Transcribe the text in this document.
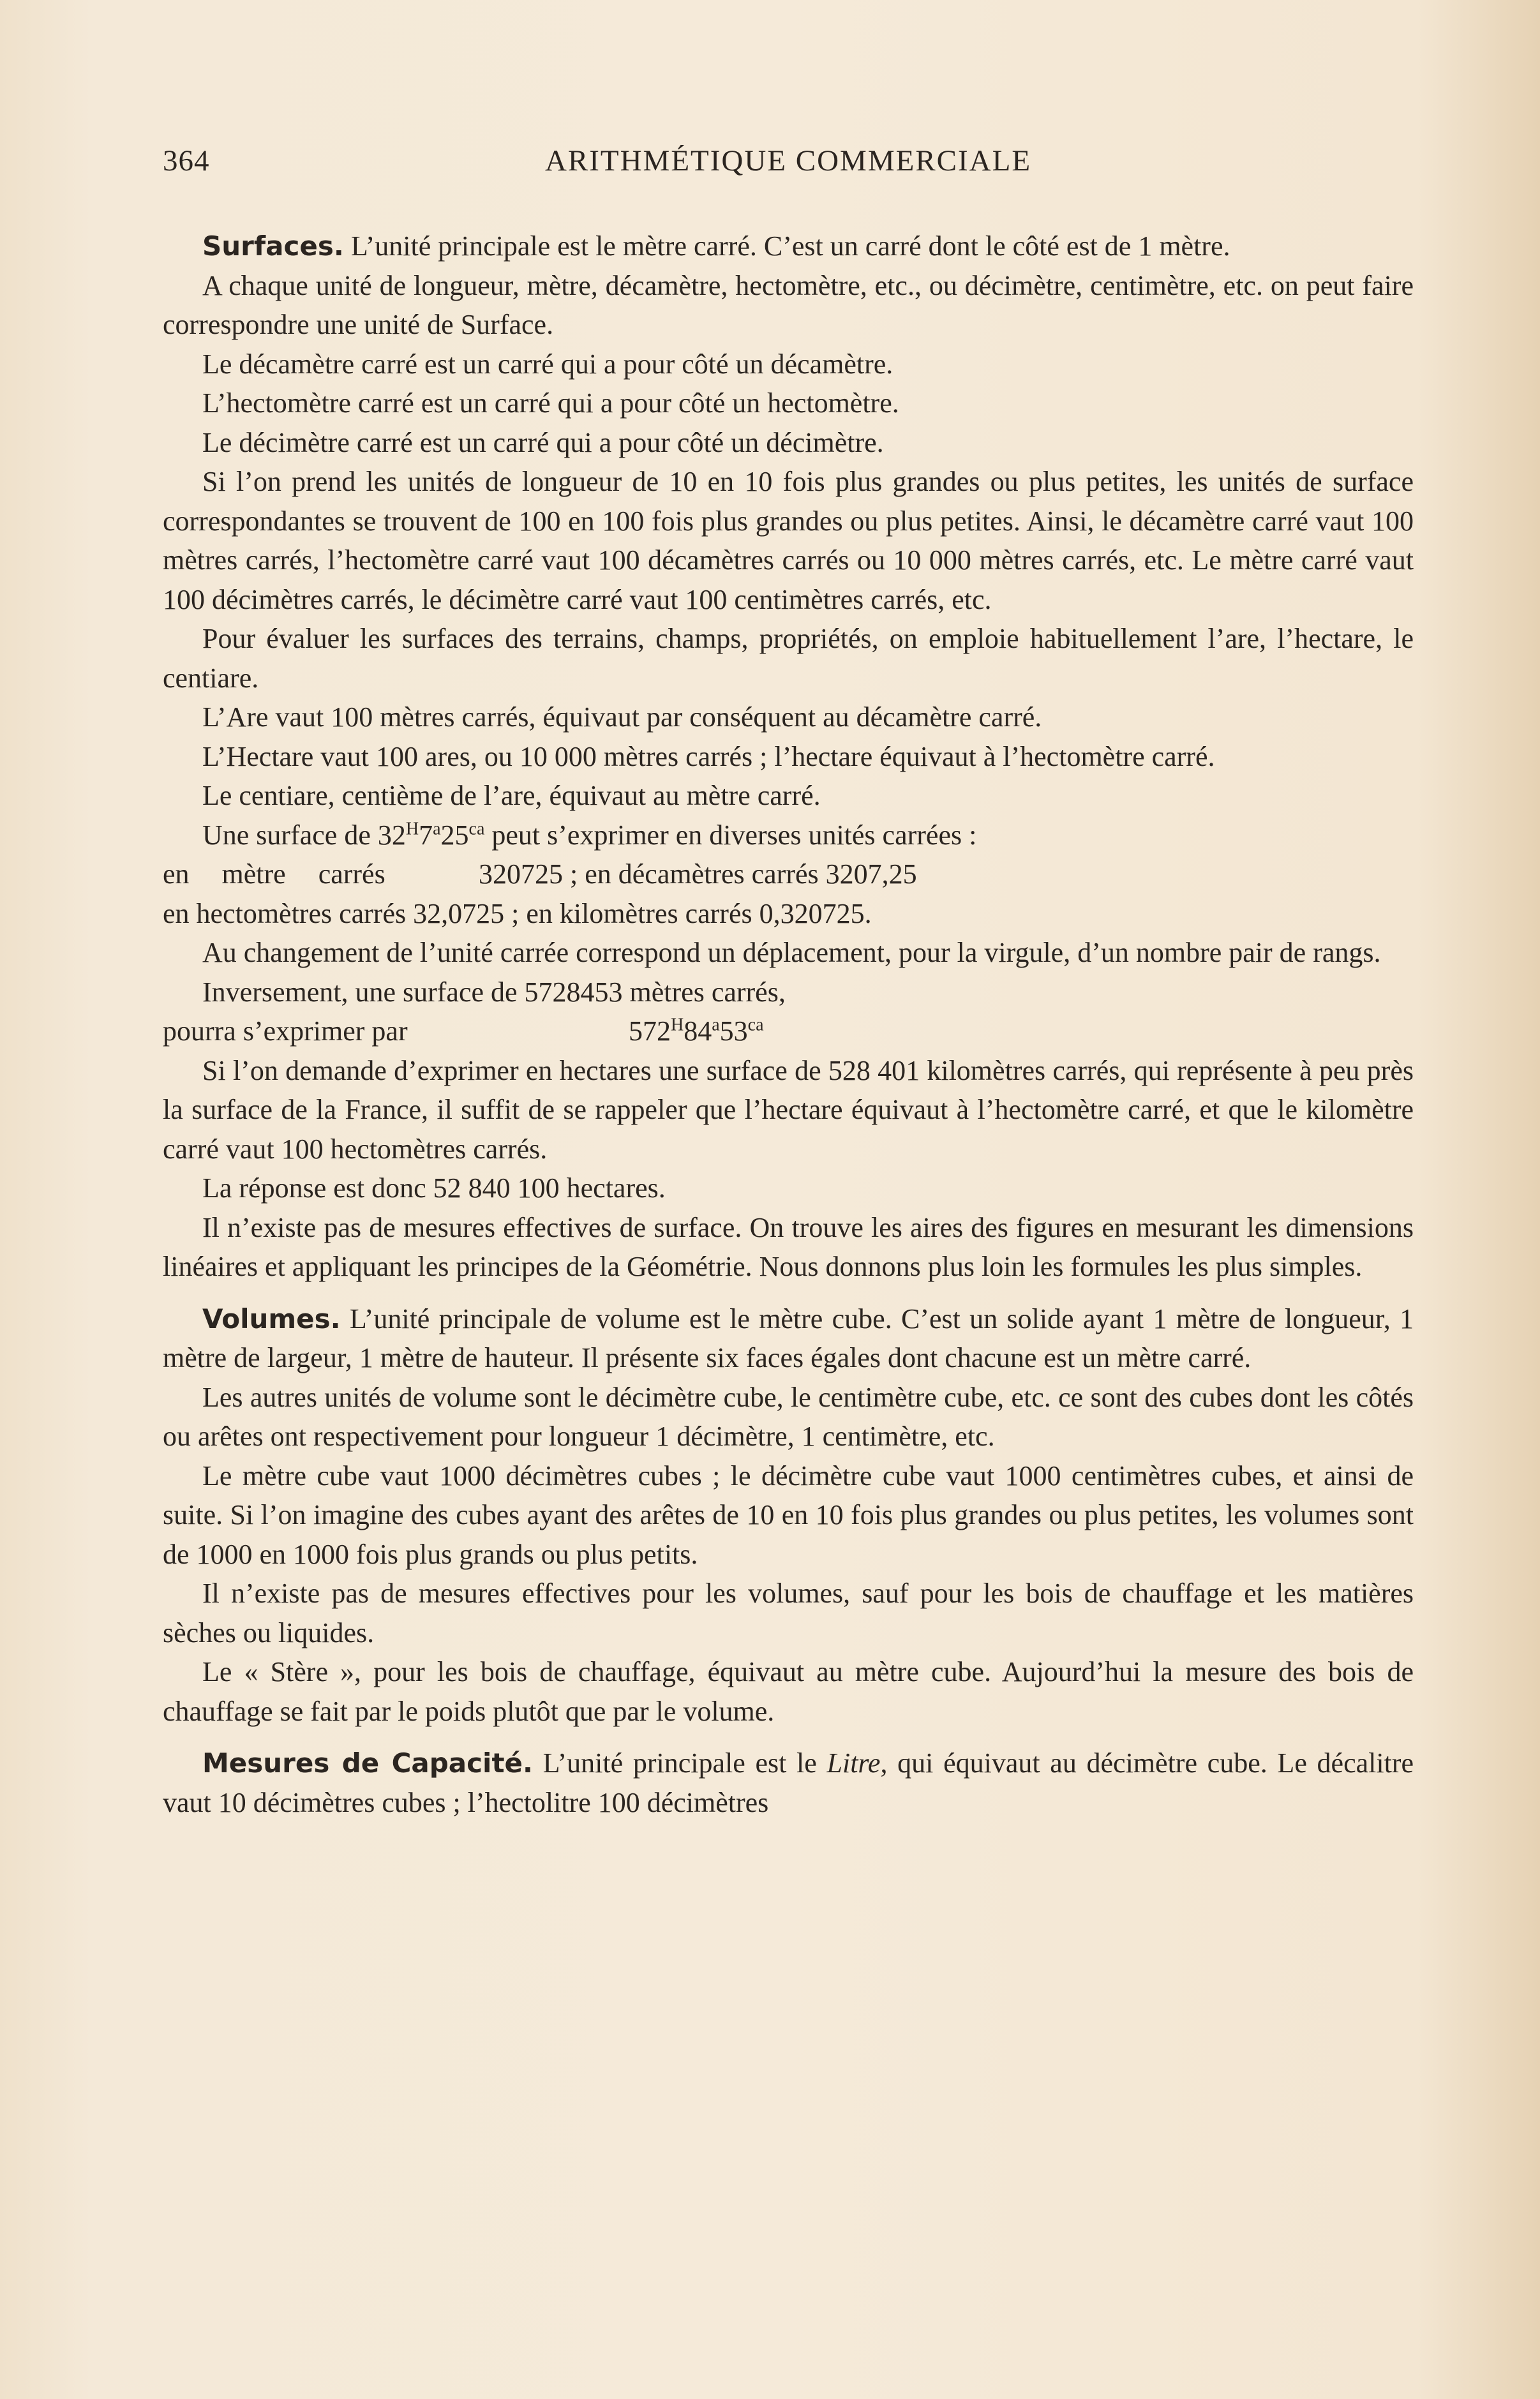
364	ARITHMÉTIQUE COMMERCIALE

Surfaces. L’unité principale est le mètre carré. C’est un carré dont le côté est de 1 mètre.

A chaque unité de longueur, mètre, décamètre, hectomètre, etc., ou décimètre, centimètre, etc. on peut faire correspondre une unité de Surface.

Le décamètre carré est un carré qui a pour côté un décamètre.

L’hectomètre carré est un carré qui a pour côté un hectomètre.

Le décimètre carré est un carré qui a pour côté un décimètre.

Si l’on prend les unités de longueur de 10 en 10 fois plus grandes ou plus petites, les unités de surface correspondantes se trouvent de 100 en 100 fois plus grandes ou plus petites. Ainsi, le décamètre carré vaut 100 mètres carrés, l’hectomètre carré vaut 100 décamètres carrés ou 10 000 mètres carrés, etc. Le mètre carré vaut 100 décimètres carrés, le décimètre carré vaut 100 centimètres carrés, etc.

Pour évaluer les surfaces des terrains, champs, propriétés, on emploie habituellement l’are, l’hectare, le centiare.

L’Are vaut 100 mètres carrés, équivaut par conséquent au décamètre carré.

L’Hectare vaut 100 ares, ou 10 000 mètres carrés ; l’hectare équivaut à l’hectomètre carré.

Le centiare, centième de l’are, équivaut au mètre carré.

Une surface de $32^H7^a25^{ca}$ peut s’exprimer en diverses unités carrées :

en mètre carrés	320725 ; en décamètres carrés 3207,25

en hectomètres carrés 32,0725 ; en kilomètres carrés 0,320725.

Au changement de l’unité carrée correspond un déplacement, pour la virgule, d’un nombre pair de rangs.

Inversement, une surface de 5728453 mètres carrés,

pourra s’exprimer par	$572^H84^a53^{ca}$

Si l’on demande d’exprimer en hectares une surface de 528 401 kilomètres carrés, qui représente à peu près la surface de la France, il suffit de se rappeler que l’hectare équivaut à l’hectomètre carré, et que le kilomètre carré vaut 100 hectomètres carrés.

La réponse est donc 52 840 100 hectares.

Il n’existe pas de mesures effectives de surface. On trouve les aires des figures en mesurant les dimensions linéaires et appliquant les principes de la Géométrie. Nous donnons plus loin les formules les plus simples.

Volumes. L’unité principale de volume est le mètre cube. C’est un solide ayant 1 mètre de longueur, 1 mètre de largeur, 1 mètre de hauteur. Il présente six faces égales dont chacune est un mètre carré.

Les autres unités de volume sont le décimètre cube, le centimètre cube, etc. ce sont des cubes dont les côtés ou arêtes ont respectivement pour longueur 1 décimètre, 1 centimètre, etc.

Le mètre cube vaut 1000 décimètres cubes ; le décimètre cube vaut 1000 centimètres cubes, et ainsi de suite. Si l’on imagine des cubes ayant des arêtes de 10 en 10 fois plus grandes ou plus petites, les volumes sont de 1000 en 1000 fois plus grands ou plus petits.

Il n’existe pas de mesures effectives pour les volumes, sauf pour les bois de chauffage et les matières sèches ou liquides.

Le « Stère », pour les bois de chauffage, équivaut au mètre cube. Aujourd’hui la mesure des bois de chauffage se fait par le poids plutôt que par le volume.

Mesures de Capacité. L’unité principale est le Litre, qui équivaut au décimètre cube. Le décalitre vaut 10 décimètres cubes ; l’hectolitre 100 décimètres
